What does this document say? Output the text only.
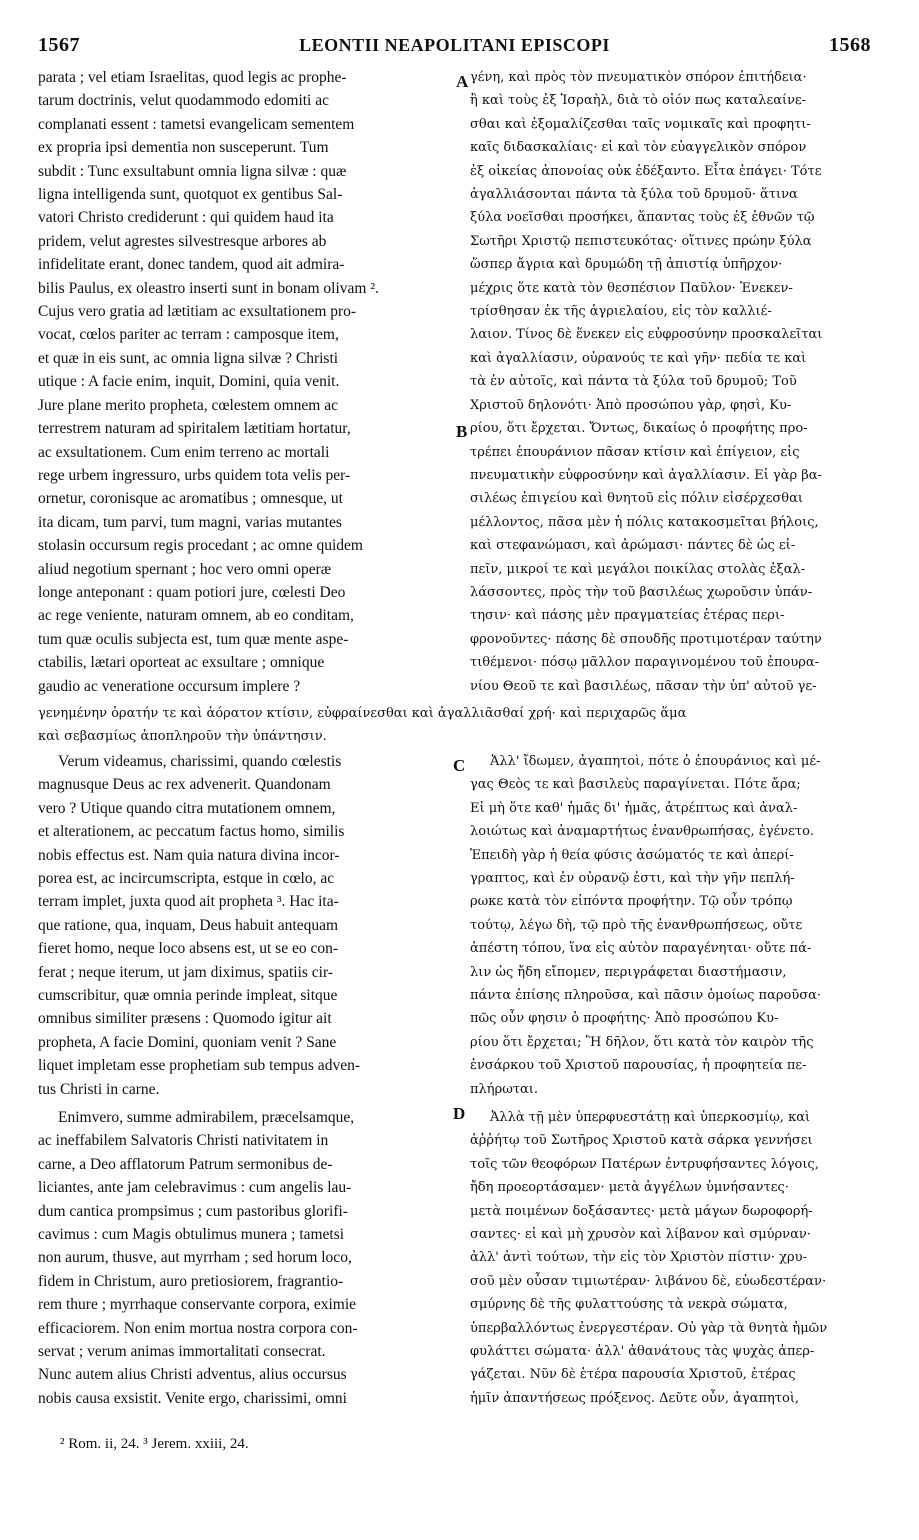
1567	LEONTII NEAPOLITANI EPISCOPI	1568
A
B
C
D
parata ; vel etiam Israelitas, quod legis ac prophe-
tarum doctrinis, velut quodammodo edomiti ac
complanati essent : tametsi evangelicam sementem
ex propria ipsi dementia non susceperunt. Tum
subdit : Tunc exsultabunt omnia ligna silvæ : quæ
ligna intelligenda sunt, quotquot ex gentibus Sal-
vatori Christo crediderunt : qui quidem haud ita
pridem, velut agrestes silvestresque arbores ab
infidelitate erant, donec tandem, quod ait admira-
bilis Paulus, ex oleastro inserti sunt in bonam olivam ².
Cujus vero gratia ad lætitiam ac exsultationem pro-
vocat, cœlos pariter ac terram : camposque item,
et quæ in eis sunt, ac omnia ligna silvæ ? Christi
utique : A facie enim, inquit, Domini, quia venit.
Jure plane merito propheta, cœlestem omnem ac
terrestrem naturam ad spiritalem lætitiam hortatur,
ac exsultationem. Cum enim terreno ac mortali
rege urbem ingressuro, urbs quidem tota velis per-
ornetur, coronisque ac aromatibus ; omnesque, ut
ita dicam, tum parvi, tum magni, varias mutantes
stolasin occursum regis procedant ; ac omne quidem
aliud negotium spernant ; hoc vero omni operæ
longe anteponant : quam potiori jure, cœlesti Deo
ac rege veniente, naturam omnem, ab eo conditam,
tum quæ oculis subjecta est, tum quæ mente aspe-
ctabilis, lætari oporteat ac exsultare ; omnique
gaudio ac veneratione occursum implere ?
γένη, καὶ πρὸς τὸν πνευματικὸν σπόρον ἐπιτήδεια·
ἢ καὶ τοὺς ἐξ Ἰσραὴλ, διὰ τὸ οἱόν πως καταλεαίνε-
σθαι καὶ ἐξομαλίζεσθαι ταῖς νομικαῖς καὶ προφητι-
καῖς διδασκαλίαις· εἰ καὶ τὸν εὐαγγελικὸν σπόρον
ἐξ οἰκείας ἀπονοίας οὐκ ἐδέξαντο. Εἶτα ἐπάγει· Τότε
ἀγαλλιάσονται πάντα τὰ ξύλα τοῦ δρυμοῦ· ἅτινα
ξύλα νοεῖσθαι προσήκει, ἅπαντας τοὺς ἐξ ἐθνῶν τῷ
Σωτῆρι Χριστῷ πεπιστευκότας· οἵτινες πρώην ξύλα
ὥσπερ ἄγρια καὶ δρυμώδη τῇ ἀπιστίᾳ ὑπῆρχον·
μέχρις ὅτε κατὰ τὸν θεσπέσιον Παῦλον· Ἐνεκεν-
τρίσθησαν ἐκ τῆς ἀγριελαίου, εἰς τὸν καλλιέ-
λαιον. Τίνος δὲ ἕνεκεν εἰς εὐφροσύνην προσκαλεῖται
καὶ ἀγαλλίασιν, οὐρανούς τε καὶ γῆν· πεδία τε καὶ
τὰ ἐν αὐτοῖς, καὶ πάντα τὰ ξύλα τοῦ δρυμοῦ; Τοῦ
Χριστοῦ δηλονότι· Ἀπὸ προσώπου γὰρ, φησὶ, Κυ-
ρίου, ὅτι ἔρχεται. Ὄντως, δικαίως ὁ προφήτης προ-
τρέπει ἐπουράνιον πᾶσαν κτίσιν καὶ ἐπίγειον, εἰς
πνευματικὴν εὐφροσύνην καὶ ἀγαλλίασιν. Εἰ γὰρ βα-
σιλέως ἐπιγείου καὶ θνητοῦ εἰς πόλιν εἰσέρχεσθαι
μέλλοντος, πᾶσα μὲν ἡ πόλις κατακοσμεῖται βήλοις,
καὶ στεφανώμασι, καὶ ἀρώμασι· πάντες δὲ ὡς εἰ-
πεῖν, μικροί τε καὶ μεγάλοι ποικίλας στολὰς ἐξαλ-
λάσσοντες, πρὸς τὴν τοῦ βασιλέως χωροῦσιν ὑπάν-
τησιν· καὶ πάσης μὲν πραγματείας ἑτέρας περι-
φρονοῦντες· πάσης δὲ σπουδῆς προτιμοτέραν ταύτην
τιθέμενοι· πόσῳ μᾶλλον παραγινομένου τοῦ ἐπουρα-
νίου Θεοῦ τε καὶ βασιλέως, πᾶσαν τὴν ὑπ' αὐτοῦ γε-
γενημένην ὁρατήν τε καὶ ἀόρατον κτίσιν, εὐφραίνεσθαι καὶ ἀγαλλιᾶσθαί χρή· καὶ περιχαρῶς ἅμα
καὶ σεβασμίως ἀποπληροῦν τὴν ὑπάντησιν.
Verum videamus, charissimi, quando cœlestis
magnusque Deus ac rex advenerit. Quandonam
vero ? Utique quando citra mutationem omnem,
et alterationem, ac peccatum factus homo, similis
nobis effectus est. Nam quia natura divina incor-
porea est, ac incircumscripta, estque in cœlo, ac
terram implet, juxta quod ait propheta ³. Hac ita-
que ratione, qua, inquam, Deus habuit antequam
fieret homo, neque loco absens est, ut se eo con-
ferat ; neque iterum, ut jam diximus, spatiis cir-
cumscribitur, quæ omnia perinde impleat, sitque
omnibus similiter præsens : Quomodo igitur ait
propheta, A facie Domini, quoniam venit ? Sane
liquet impletam esse prophetiam sub tempus adven-
tus Christi in carne.
Ἀλλ' ἴδωμεν, ἀγαπητοὶ, πότε ὁ ἐπουράνιος καὶ μέ-
γας Θεὸς τε καὶ βασιλεὺς παραγίνεται. Πότε ἄρα;
Εἰ μὴ ὅτε καθ' ἡμᾶς δι' ἡμᾶς, ἀτρέπτως καὶ ἀναλ-
λοιώτως καὶ ἀναμαρτήτως ἐνανθρωπήσας, ἐγένετο.
Ἐπειδὴ γὰρ ἡ θεία φύσις ἀσώματός τε καὶ ἀπερί-
γραπτος, καὶ ἐν οὐρανῷ ἐστι, καὶ τὴν γῆν πεπλή-
ρωκε κατὰ τὸν εἰπόντα προφήτην. Τῷ οὖν τρόπῳ
τούτῳ, λέγω δὴ, τῷ πρὸ τῆς ἐνανθρωπήσεως, οὔτε
ἀπέστη τόπου, ἵνα εἰς αὐτὸν παραγένηται· οὔτε πά-
λιν ὡς ἤδη εἴπομεν, περιγράφεται διαστήμασιν,
πάντα ἐπίσης πληροῦσα, καὶ πᾶσιν ὁμοίως παροῦσα·
πῶς οὖν φησιν ὁ προφήτης· Ἀπὸ προσώπου Κυ-
ρίου ὅτι ἔρχεται; Ἢ δῆλον, ὅτι κατὰ τὸν καιρὸν τῆς
ἐνσάρκου τοῦ Χριστοῦ παρουσίας, ἡ προφητεία πε-
πλήρωται.
Enimvero, summe admirabilem, præcelsamque,
ac ineffabilem Salvatoris Christi nativitatem in
carne, a Deo afflatorum Patrum sermonibus de-
liciantes, ante jam celebravimus : cum angelis lau-
dum cantica prompsimus ; cum pastoribus glorifi-
cavimus : cum Magis obtulimus munera ; tametsi
non aurum, thusve, aut myrrham ; sed horum loco,
fidem in Christum, auro pretiosiorem, fragrantio-
rem thure ; myrrhaque conservante corpora, eximie
efficaciorem. Non enim mortua nostra corpora con-
servat ; verum animas immortalitati consecrat.
Nunc autem alius Christi adventus, alius occursus
nobis causa exsistit. Venite ergo, charissimi, omni
Ἀλλὰ τῇ μὲν ὑπερφυεστάτῃ καὶ ὑπερκοσμίῳ, καὶ
ἀῤῥήτῳ τοῦ Σωτῆρος Χριστοῦ κατὰ σάρκα γεννήσει
τοῖς τῶν θεοφόρων Πατέρων ἐντρυφήσαντες λόγοις,
ἤδη προεορτάσαμεν· μετὰ ἀγγέλων ὑμνήσαντες·
μετὰ ποιμένων δοξάσαντες· μετὰ μάγων δωροφορή-
σαντες· εἰ καὶ μὴ χρυσὸν καὶ λίβανον καὶ σμύρναν·
ἀλλ' ἀντὶ τούτων, τὴν εἰς τὸν Χριστὸν πίστιν· χρυ-
σοῦ μὲν οὖσαν τιμιωτέραν· λιβάνου δὲ, εὐωδεστέραν·
σμύρνης δὲ τῆς φυλαττούσης τὰ νεκρὰ σώματα,
ὑπερβαλλόντως ἐνεργεστέραν. Οὐ γὰρ τὰ θνητὰ ἡμῶν
φυλάττει σώματα· ἀλλ' ἀθανάτους τὰς ψυχὰς ἀπερ-
γάζεται. Νῦν δὲ ἑτέρα παρουσία Χριστοῦ, ἑτέρας
ἡμῖν ἀπαντήσεως πρόξενος. Δεῦτε οὖν, ἀγαπητοὶ,
² Rom. ii, 24. ³ Jerem. xxiii, 24.
